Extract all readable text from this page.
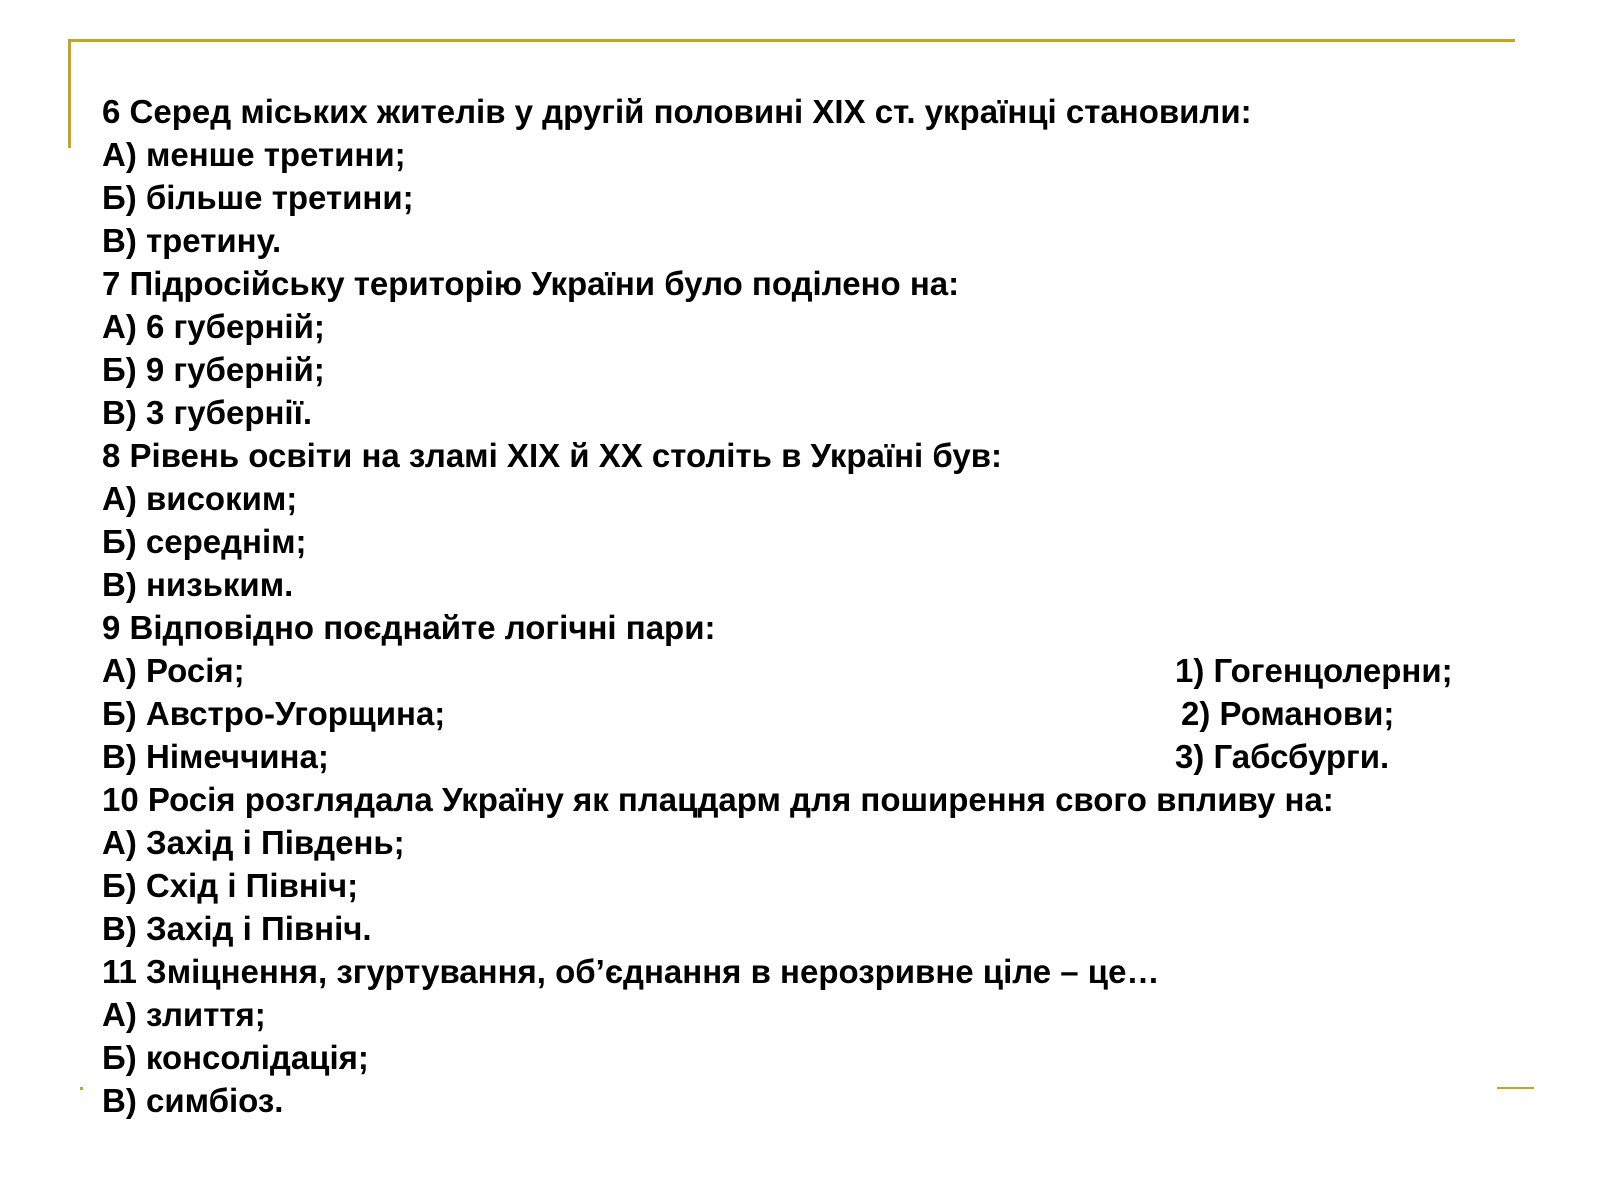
6 Серед міських жителів у другій половині ХІХ ст. українці становили:
А) менше третини;
Б) більше третини;
В) третину.
7 Підросійську територію України було поділено на:
А) 6 губерній;
Б) 9 губерній;
В) 3 губернії.
8 Рівень освіти на зламі ХІХ й ХХ століть в Україні був:
А) високим;
Б) середнім;
В) низьким.
9 Відповідно поєднайте логічні пари:
А) Росія;	1) Гогенцолерни;
Б) Австро-Угорщина;	2) Романови;
В) Німеччина;	3) Габсбурги.
10 Росія розглядала Україну як плацдарм для поширення свого впливу на:
А) Захід і Південь;
Б) Схід і Північ;
В) Захід і Північ.
11 Зміцнення, згуртування, об’єднання в нерозривне ціле – це…
А) злиття;
Б) консолідація;
В) симбіоз.
